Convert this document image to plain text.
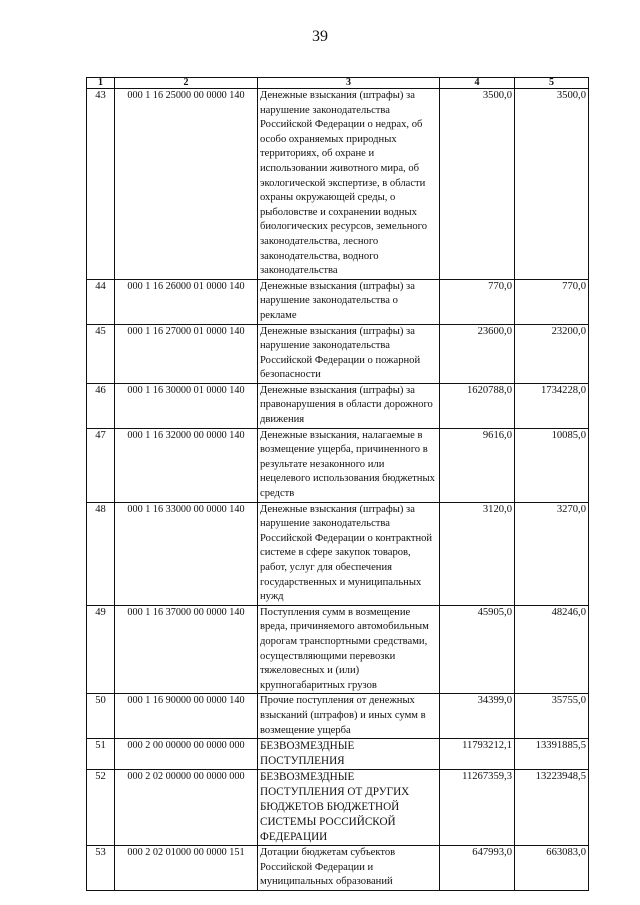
39
1	2	3	4	5
43	000 1 16 25000 00 0000 140	Денежные взыскания (штрафы) за нарушение законодательства Российской Федерации о недрах, об особо охраняемых природных территориях, об охране и использовании животного мира, об экологической экспертизе, в области охраны окружающей среды, о рыболовстве и сохранении водных биологических ресурсов, земельного законодательства, лесного законодательства, водного законодательства	3500,0	3500,0
44	000 1 16 26000 01 0000 140	Денежные взыскания (штрафы) за нарушение законодательства о рекламе	770,0	770,0
45	000 1 16 27000 01 0000 140	Денежные взыскания (штрафы) за нарушение законодательства Российской Федерации о пожарной безопасности	23600,0	23200,0
46	000 1 16 30000 01 0000 140	Денежные взыскания (штрафы) за правонарушения в области дорожного движения	1620788,0	1734228,0
47	000 1 16 32000 00 0000 140	Денежные взыскания, налагаемые в возмещение ущерба, причиненного в результате незаконного или нецелевого использования бюджетных средств	9616,0	10085,0
48	000 1 16 33000 00 0000 140	Денежные взыскания (штрафы) за нарушение законодательства Российской Федерации о контрактной системе в сфере закупок товаров, работ, услуг для обеспечения государственных и муниципальных нужд	3120,0	3270,0
49	000 1 16 37000 00 0000 140	Поступления сумм в возмещение вреда, причиняемого автомобильным дорогам транспортными средствами, осуществляющими перевозки тяжеловесных и (или) крупногабаритных грузов	45905,0	48246,0
50	000 1 16 90000 00 0000 140	Прочие поступления от денежных взысканий (штрафов) и иных сумм в возмещение ущерба	34399,0	35755,0
51	000 2 00 00000 00 0000 000	БЕЗВОЗМЕЗДНЫЕ ПОСТУПЛЕНИЯ	11793212,1	13391885,5
52	000 2 02 00000 00 0000 000	БЕЗВОЗМЕЗДНЫЕ ПОСТУПЛЕНИЯ ОТ ДРУГИХ БЮДЖЕТОВ БЮДЖЕТНОЙ СИСТЕМЫ РОССИЙСКОЙ ФЕДЕРАЦИИ	11267359,3	13223948,5
53	000 2 02 01000 00 0000 151	Дотации бюджетам субъектов Российской Федерации и муниципальных образований	647993,0	663083,0
